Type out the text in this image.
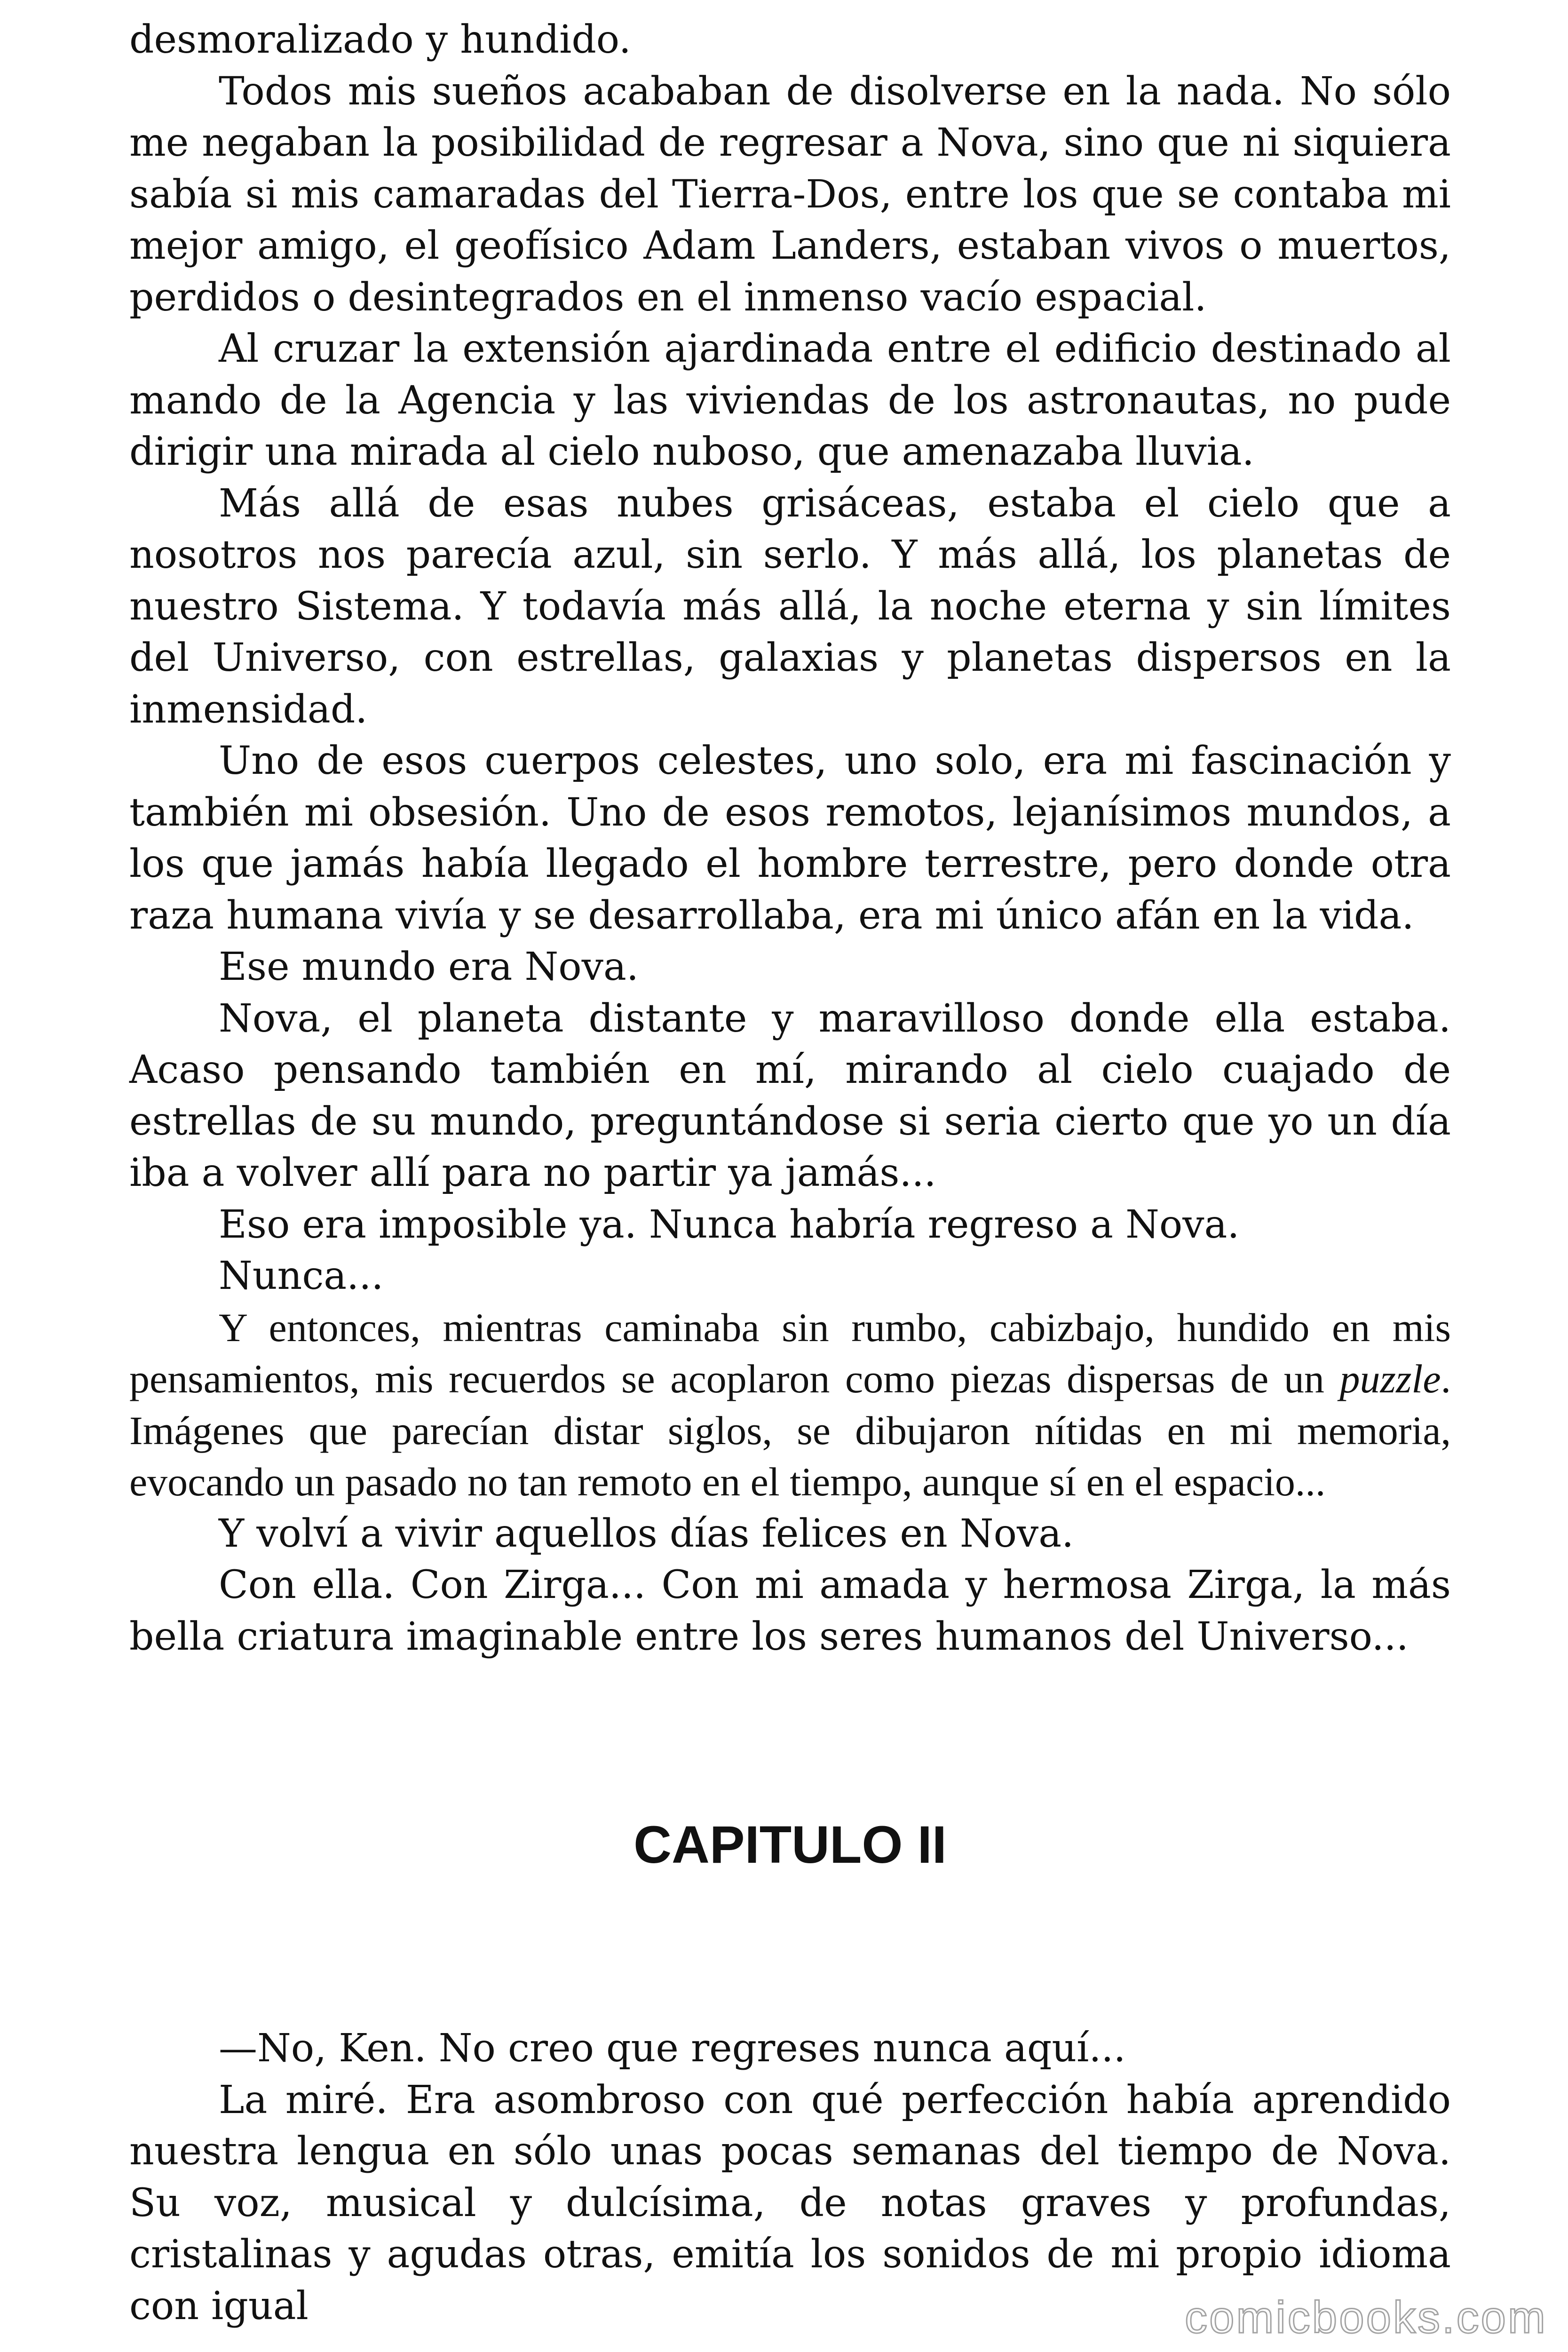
desmoralizado y hundido.

Todos mis sueños acababan de disolverse en la nada. No sólo me negaban la posibilidad de regresar a Nova, sino que ni siquiera sabía si mis camaradas del Tierra-Dos, entre los que se contaba mi mejor amigo, el geofísico Adam Landers, estaban vivos o muertos, perdidos o desintegrados en el inmenso vacío espacial.

Al cruzar la extensión ajardinada entre el edificio destinado al mando de la Agencia y las viviendas de los astronautas, no pude dirigir una mirada al cielo nuboso, que amenazaba lluvia.

Más allá de esas nubes grisáceas, estaba el cielo que a nosotros nos parecía azul, sin serlo. Y más allá, los planetas de nuestro Sistema. Y todavía más allá, la noche eterna y sin límites del Universo, con estrellas, galaxias y planetas dispersos en la inmensidad.

Uno de esos cuerpos celestes, uno solo, era mi fascinación y también mi obsesión. Uno de esos remotos, lejanísimos mundos, a los que jamás había llegado el hombre terrestre, pero donde otra raza humana vivía y se desarrollaba, era mi único afán en la vida.

Ese mundo era Nova.

Nova, el planeta distante y maravilloso donde ella estaba. Acaso pensando también en mí, mirando al cielo cuajado de estrellas de su mundo, preguntándose si seria cierto que yo un día iba a volver allí para no partir ya jamás...

Eso era imposible ya. Nunca habría regreso a Nova.

Nunca...

Y entonces, mientras caminaba sin rumbo, cabizbajo, hundido en mis pensamientos, mis recuerdos se acoplaron como piezas dispersas de un puzzle. Imágenes que parecían distar siglos, se dibujaron nítidas en mi memoria, evocando un pasado no tan remoto en el tiempo, aunque sí en el espacio...

Y volví a vivir aquellos días felices en Nova.

Con ella. Con Zirga... Con mi amada y hermosa Zirga, la más bella criatura imaginable entre los seres humanos del Universo...

CAPITULO II

—No, Ken. No creo que regreses nunca aquí...

La miré. Era asombroso con qué perfección había aprendido nuestra lengua en sólo unas pocas semanas del tiempo de Nova. Su voz, musical y dulcísima, de notas graves y profundas, cristalinas y agudas otras, emitía los sonidos de mi propio idioma con igual	comicbooks.com
